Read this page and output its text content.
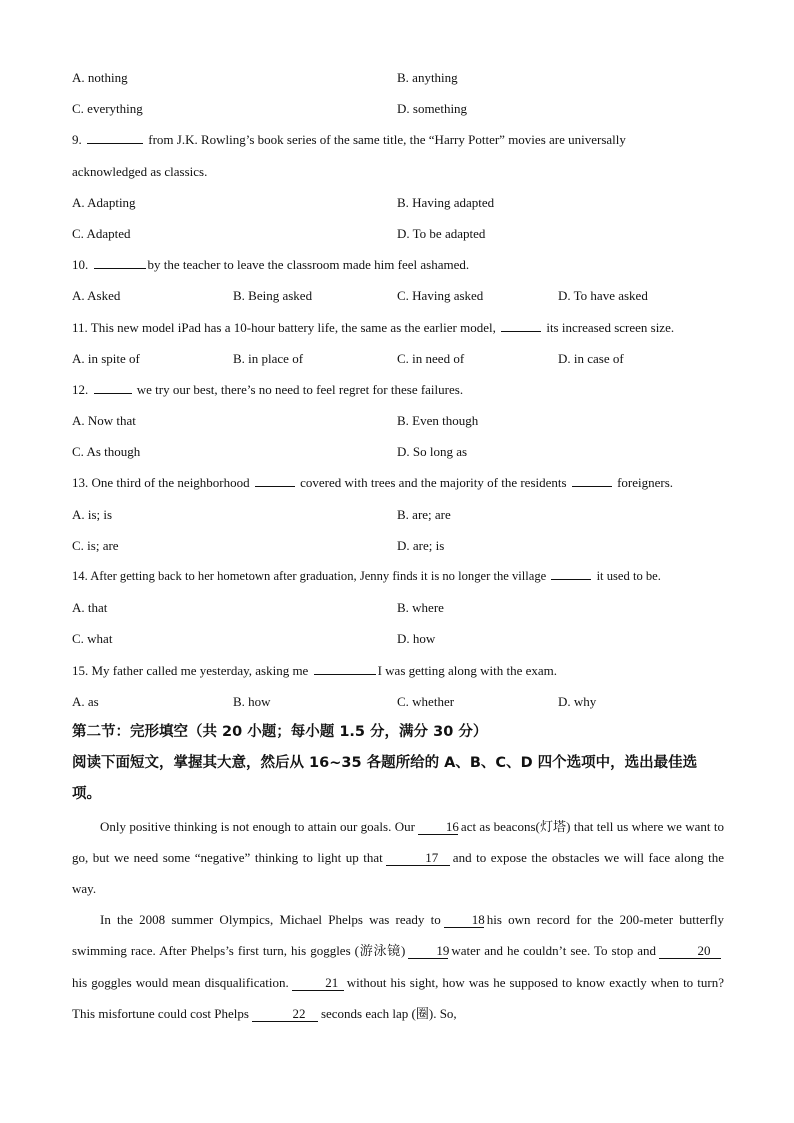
A. nothing	B. anything
C. everything	D. something
9.	from J.K. Rowling’s book series of the same title, the “Harry Potter” movies are universally
acknowledged as classics.
A. Adapting	B. Having adapted
C. Adapted	D. To be adapted
10.	by the teacher to leave the classroom made him feel ashamed.
A. Asked	B. Being asked	C. Having asked	D. To have asked
11. This new model iPad has a 10-hour battery life, the same as the earlier model,	its increased screen size.
A. in spite of	B. in place of	C. in need of	D. in case of
12.	we try our best, there’s no need to feel regret for these failures.
A. Now that	B. Even though
C. As though	D. So long as
13. One third of the neighborhood	covered with trees and the majority of the residents	foreigners.
A. is; is	B. are; are
C. is; are	D. are; is
14. After getting back to her hometown after graduation, Jenny finds it is no longer the village	it used to be.
A. that	B. where
C. what	D. how
15. My father called me yesterday, asking me	I was getting along with the exam.
A. as	B. how	C. whether	D. why
第二节：完形填空（共 20 小题；每小题 1.5 分，满分 30 分）
阅读下面短文，掌握其大意，然后从 16~35 各题所给的 A、B、C、D 四个选项中，选出最佳选项。
Only positive thinking is not enough to attain our goals. Our 16 act as beacons(灯塔) that tell us where we want to go, but we need some “negative” thinking to light up that	17 and to expose the obstacles we will face along the way.
In the 2008 summer Olympics, Michael Phelps was ready to 18 his own record for the 200-meter butterfly swimming race. After Phelps’s first turn, his goggles (游泳镜) 19 water and he couldn’t see. To stop and	20his goggles would mean disqualification.	21 without his sight, how was he supposed to know exactly when to turn? This misfortune could cost Phelps	22 seconds each lap (圈). So,
